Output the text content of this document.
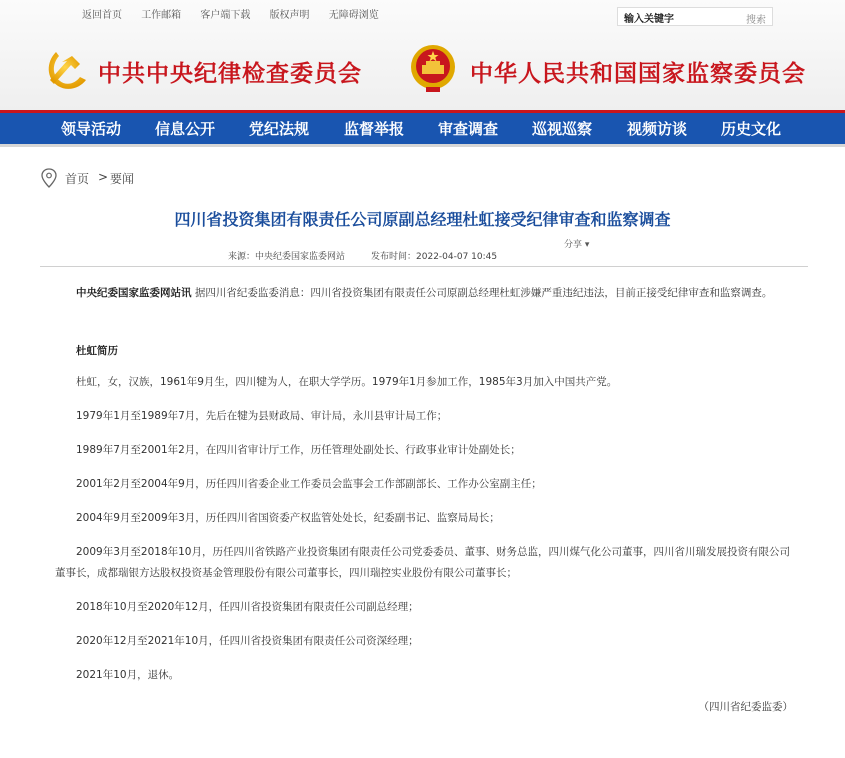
返回首页 工作邮箱 客户端下载 版权声明 无障碍浏览
输入关键字	搜索
中共中央纪律检查委员会	中华人民共和国国家监察委员会
领导活动 信息公开 党纪法规 监督举报 审查调查 巡视巡察 视频访谈 历史文化
首页 > 要闻
四川省投资集团有限责任公司原副总经理杜虹接受纪律审查和监察调查
分享 ▾
来源：中央纪委国家监委网站	发布时间：2022-04-07 10:45
中央纪委国家监委网站讯 据四川省纪委监委消息：四川省投资集团有限责任公司原副总经理杜虹涉嫌严重违纪违法，目前正接受纪律审查和监察调查。
杜虹简历
杜虹，女，汉族，1961年9月生，四川犍为人，在职大学学历。1979年1月参加工作，1985年3月加入中国共产党。
1979年1月至1989年7月，先后在犍为县财政局、审计局，永川县审计局工作；
1989年7月至2001年2月，在四川省审计厅工作，历任管理处副处长、行政事业审计处副处长；
2001年2月至2004年9月，历任四川省委企业工作委员会监事会工作部副部长、工作办公室副主任；
2004年9月至2009年3月，历任四川省国资委产权监管处处长，纪委副书记、监察局局长；
2009年3月至2018年10月，历任四川省铁路产业投资集团有限责任公司党委委员、董事、财务总监，四川煤气化公司董事，四川省川瑞发展投资有限公司董事长，成都瑞银方达股权投资基金管理股份有限公司董事长，四川瑞控实业股份有限公司董事长；
2018年10月至2020年12月，任四川省投资集团有限责任公司副总经理；
2020年12月至2021年10月，任四川省投资集团有限责任公司资深经理；
2021年10月，退休。
（四川省纪委监委）
